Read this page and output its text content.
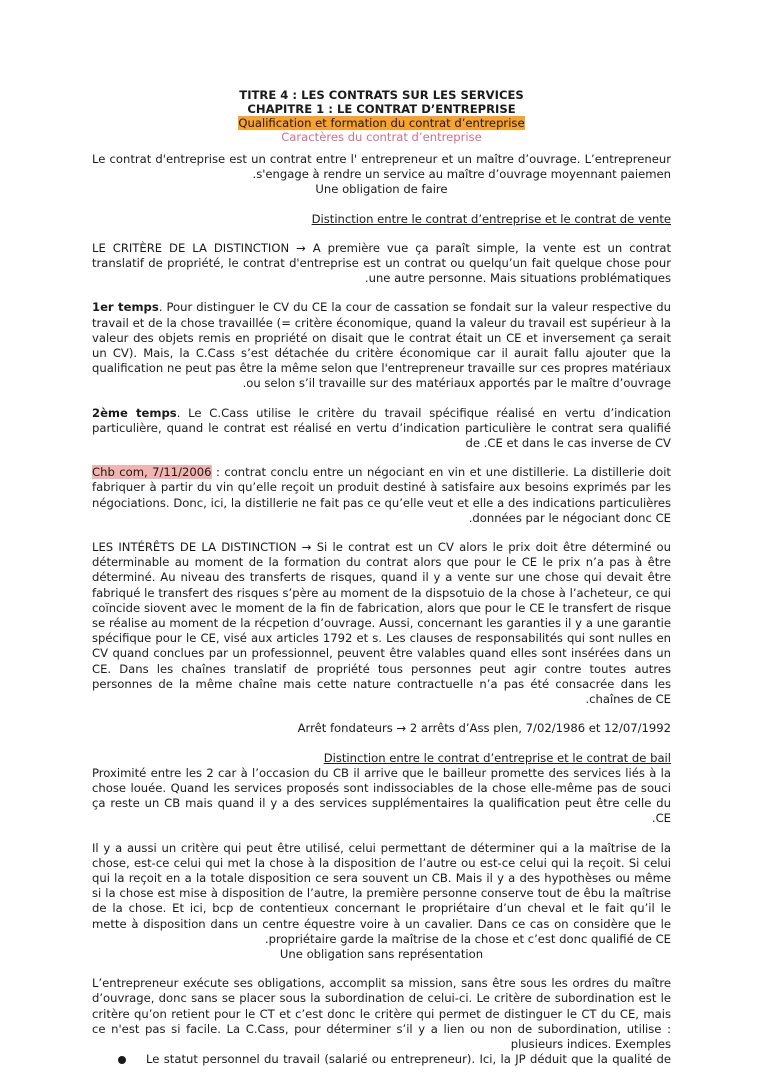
TITRE 4 : LES CONTRATS SUR LES SERVICES
CHAPITRE 1 : LE CONTRAT D’ENTREPRISE
Qualification et formation du contrat d’entreprise
Caractères du contrat d’entreprise

Le contrat d'entreprise est un contrat entre l' entrepreneur et un maître d’ouvrage. L’entrepreneur .s'engage à rendre un service au maître d’ouvrage moyennant paiemen

Une obligation de faire
Distinction entre le contrat d’entreprise et le contrat de vente

LE CRITÈRE DE LA DISTINCTION → A première vue ça paraît simple, la vente est un contrat translatif de propriété, le contrat d'entreprise est un contrat ou quelqu’un fait quelque chose pour .une autre personne. Mais situations problématiques

1er temps. Pour distinguer le CV du CE la cour de cassation se fondait sur la valeur respective du travail et de la chose travaillée (= critère économique, quand la valeur du travail est supérieur à la valeur des objets remis en propriété on disait que le contrat était un CE et inversement ça serait un CV). Mais, la C.Cass s’est détachée du critère économique car il aurait fallu ajouter que la qualification ne peut pas être la même selon que l'entrepreneur travaille sur ces propres matériaux .ou selon s’il travaille sur des matériaux apportés par le maître d’ouvrage

2ème temps. Le C.Cass utilise le critère du travail spécifique réalisé en vertu d’indication particulière, quand le contrat est réalisé en vertu d’indication particulière le contrat sera qualifié de .CE et dans le cas inverse de CV

Chb com, 7/11/2006 : contrat conclu entre un négociant en vin et une distillerie. La distillerie doit fabriquer à partir du vin qu’elle reçoit un produit destiné à satisfaire aux besoins exprimés par les négociations. Donc, ici, la distillerie ne fait pas ce qu’elle veut et elle a des indications particulières .données par le négociant donc CE

LES INTÉRÊTS DE LA DISTINCTION → Si le contrat est un CV alors le prix doit être déterminé ou déterminable au moment de la formation du contrat alors que pour le CE le prix n’a pas à être déterminé. Au niveau des transferts de risques, quand il y a vente sur une chose qui devait être fabriqué le transfert des risques s’père au moment de la dispsotuio de la chose à l’acheteur, ce qui coïncide siovent avec le moment de la fin de fabrication, alors que pour le CE le transfert de risque se réalise au moment de la récpetion d’ouvrage. Aussi, concernant les garanties il y a une garantie spécifique pour le CE, visé aux articles 1792 et s. Les clauses de responsabilités qui sont nulles en CV quand conclues par un professionnel, peuvent être valables quand elles sont insérées dans un CE. Dans les chaînes translatif de propriété tous personnes peut agir contre toutes autres personnes de la même chaîne mais cette nature contractuelle n’a pas été consacrée dans les .chaînes de CE

Arrêt fondateurs → 2 arrêts d’Ass plen, 7/02/1986 et 12/07/1992
Distinction entre le contrat d’entreprise et le contrat de bail

Proximité entre les 2 car à l’occasion du CB il arrive que le bailleur promette des services liés à la chose louée. Quand les services proposés sont indissociables de la chose elle-même pas de souci ça reste un CB mais quand il y a des services supplémentaires la qualification peut être celle du .CE

Il y a aussi un critère qui peut être utilisé, celui permettant de déterminer qui a la maîtrise de la chose, est-ce celui qui met la chose à la disposition de l’autre ou est-ce celui qui la reçoit. Si celui qui la reçoit en a la totale disposition ce sera souvent un CB. Mais il y a des hypothèses ou même si la chose est mise à disposition de l’autre, la première personne conserve tout de êbu la maîtrise de la chose. Et ici, bcp de contentieux concernant le propriétaire d’un cheval et le fait qu’il le mette à disposition dans un centre équestre voire à un cavalier. Dans ce cas on considère que le .propriétaire garde la maîtrise de la chose et c’est donc qualifié de CE

Une obligation sans représentation

L’entrepreneur exécute ses obligations, accomplit sa mission, sans être sous les ordres du maître d’ouvrage, donc sans se placer sous la subordination de celui-ci. Le critère de subordination est le critère qu’on retient pour le CT et c’est donc le critère qui permet de distinguer le CT du CE, mais ce n'est pas si facile. La C.Cass, pour déterminer s’il y a lien ou non de subordination, utilise : plusieurs indices. Exemples

Le statut personnel du travail (salarié ou entrepreneur). Ici, la JP déduit que la qualité de
